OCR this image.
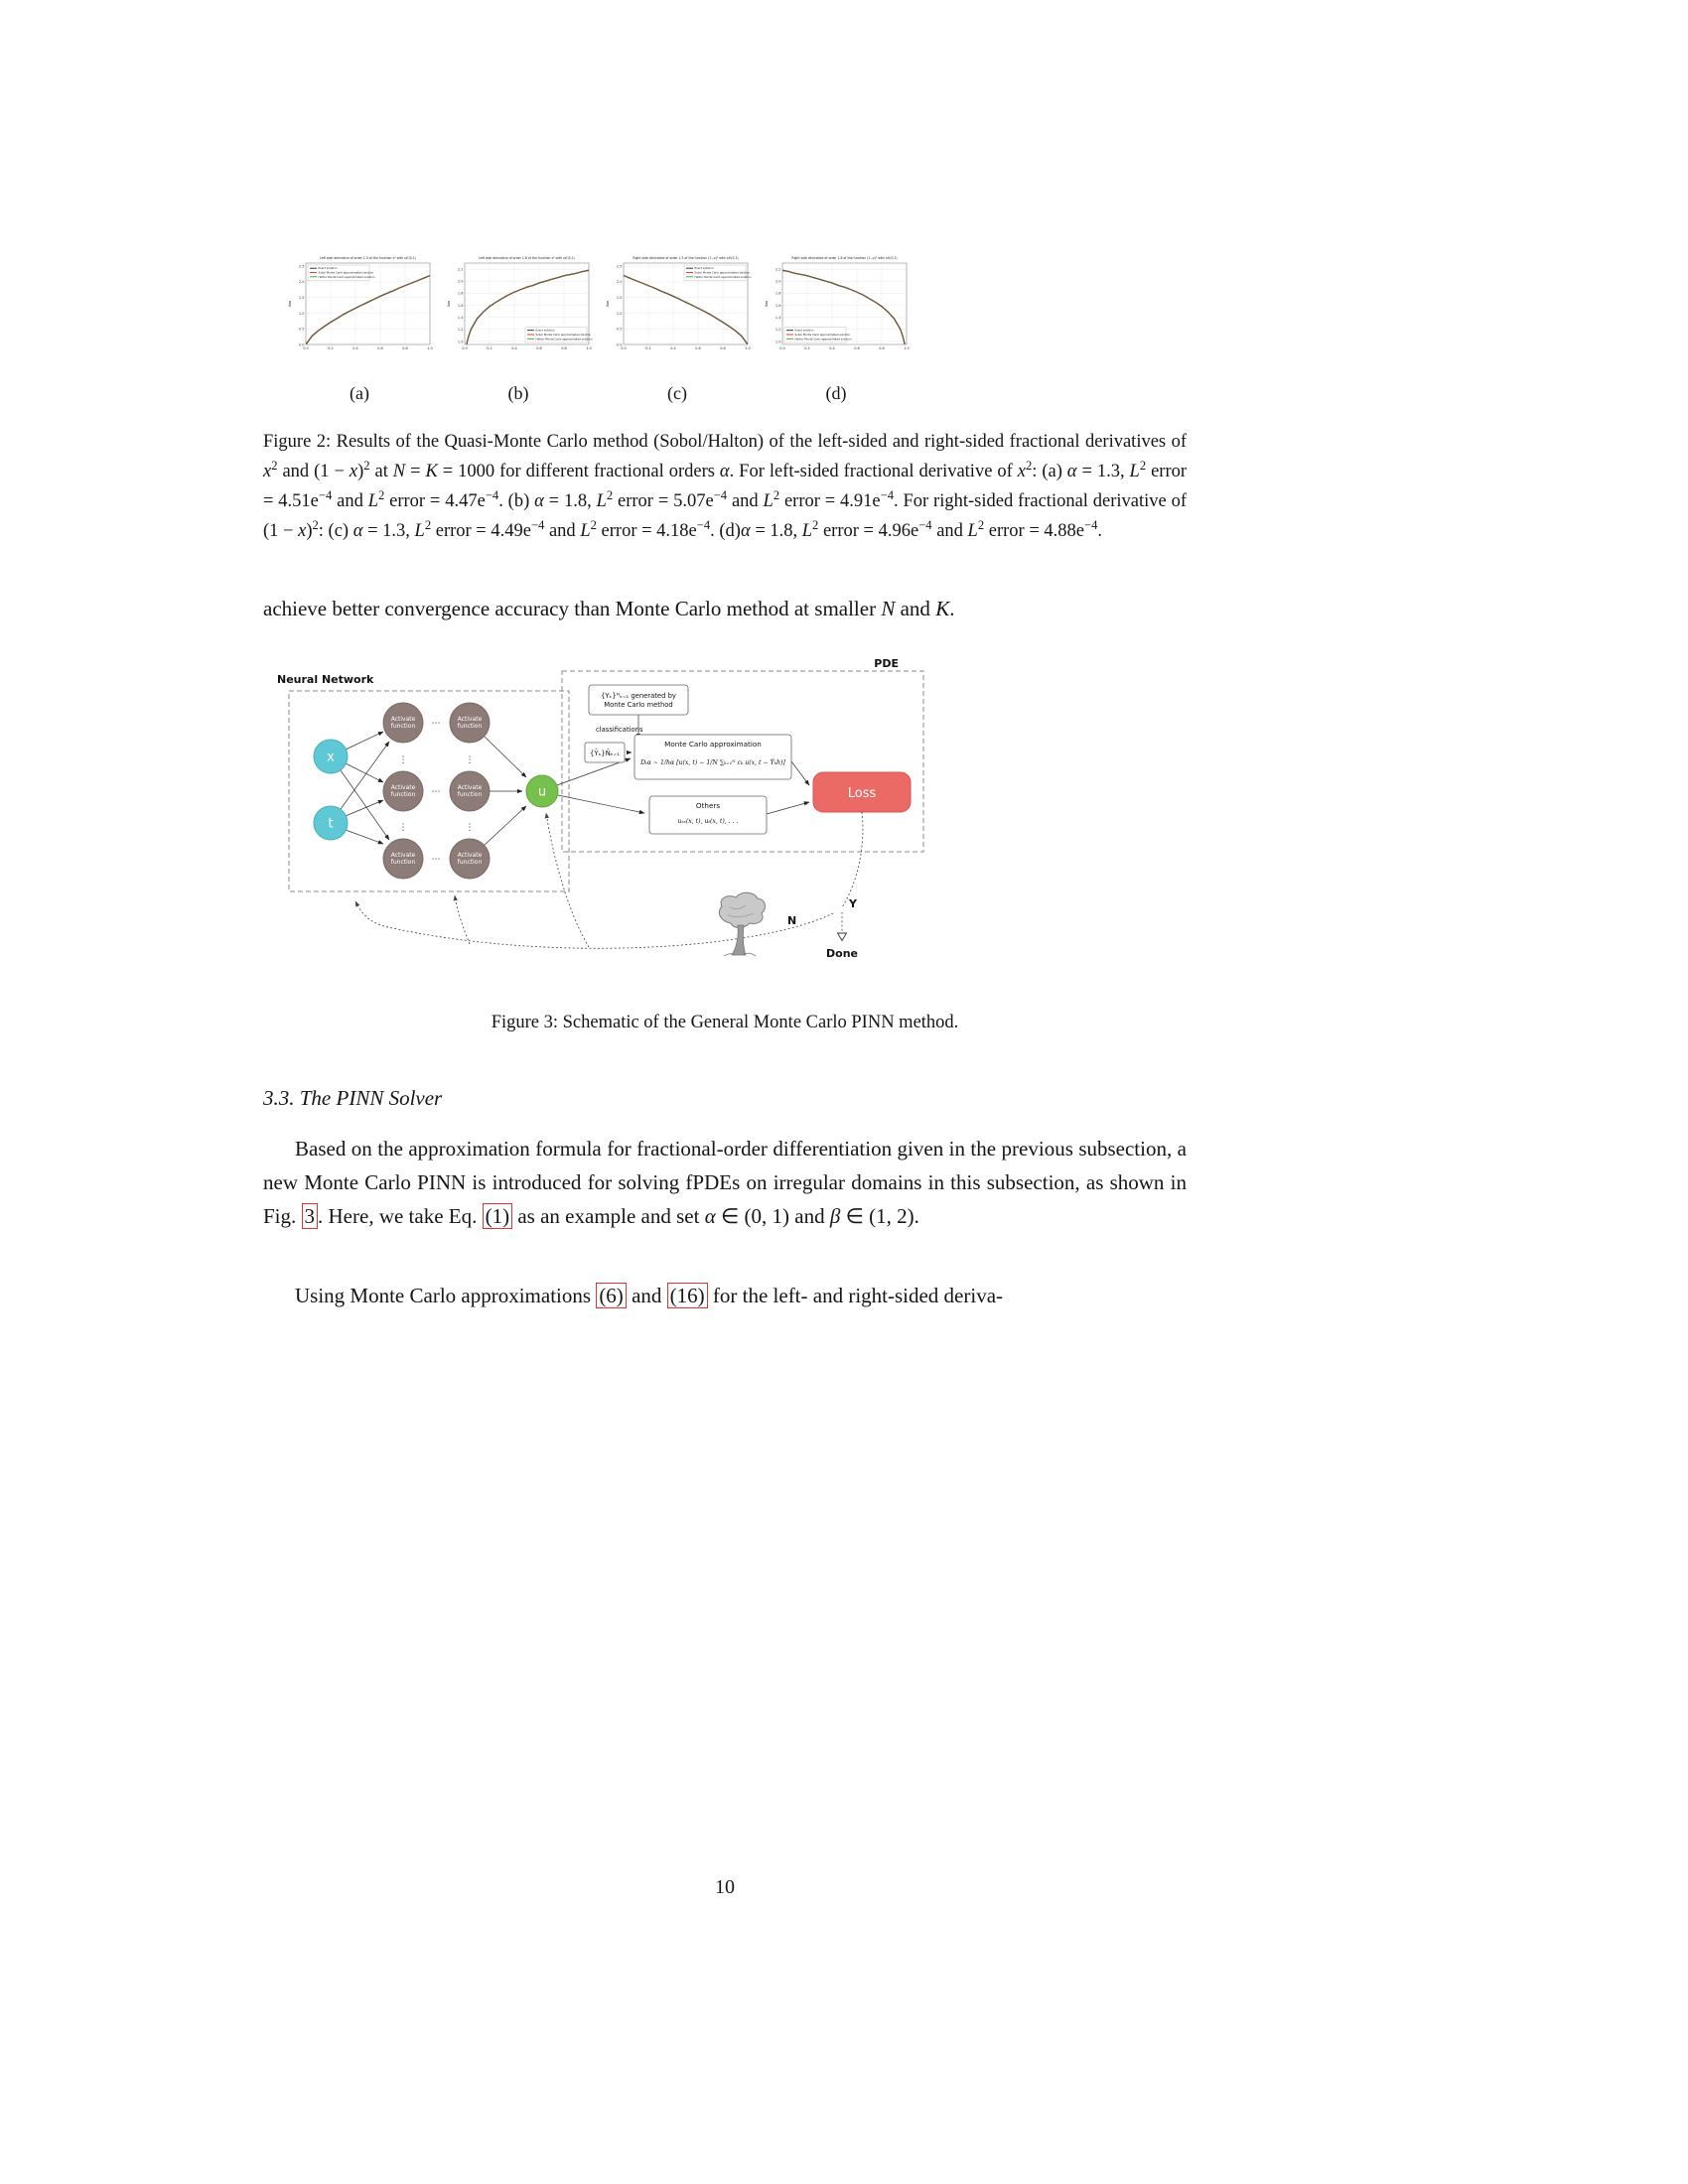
0.0	0.2	0.4	0.6	0.8	1.0
0.0
0.5
1.0
1.5
2.0
2.5
Left side derivative of order 1.3 of the function x² with x∈(0,1)
∂αu
Exact solution
Sobol Monte Carlo approximated solution
Halton Monte Carlo approximated solution
0.0	0.2	0.4	0.6	0.8	1.0
1.0
1.2
1.4
1.6
1.8
2.0
2.2
Left side derivative of order 1.8 of the function x² with x∈(0,1)
∂αu
Exact solution
Sobol Monte Carlo approximated solution
Halton Monte Carlo approximated solution
0.0	0.2	0.4	0.6	0.8	1.0
0.0
0.5
1.0
1.5
2.0
2.5
Right side derivative of order 1.3 of the function (1−x)² with x∈(0,1)
∂αu
Exact solution
Sobol Monte Carlo approximated solution
Halton Monte Carlo approximated solution
0.0	0.2	0.4	0.6	0.8	1.0
1.0
1.2
1.4
1.6
1.8
2.0
2.2
Right side derivative of order 1.8 of the function (1−x)² with x∈(0,1)
∂αu
Exact solution
Sobol Monte Carlo approximated solution
Halton Monte Carlo approximated solution
(a)	(b)	(c)	(d)
Figure 2: Results of the Quasi-Monte Carlo method (Sobol/Halton) of the left-sided and right-sided fractional derivatives of $x^2$ and $(1 - x)^2$ at N = K = 1000 for different fractional orders α. For left-sided fractional derivative of $x^2$: (a) α = 1.3, $L^2$ error = $4.51e^{-4}$ and $L^2$ error = $4.47e^{-4}$. (b) α = 1.8, $L^2$ error = $5.07e^{-4}$ and $L^2$ error = $4.91e^{-4}$. For right-sided fractional derivative of $(1 - x)^2$: (c) α = 1.3, $L^2$ error = $4.49e^{-4}$ and $L^2$ error = $4.18e^{-4}$. (d)α = 1.8, $L^2$ error = $4.96e^{-4}$ and $L^2$ error = $4.88e^{-4}$.
achieve better convergence accuracy than Monte Carlo method at smaller N and K.
Neural Network
PDE
x
t
Activate
function
Activate
function
Activate
function
⋮
⋮
⋯
⋯
⋯
Activate
function
Activate
function
Activate
function
⋮
⋮
u
{Yₖ}ᴺₖ₌₁ generated by
Monte Carlo method
classifications
{Ỹₖ}Ñₖ₌₁
Monte Carlo approximation
Dₜα ∼ 1/hα [u(x, t) − 1/N ∑ₖ₌₁ᴺ cₖ u(x, t − Ỹₖh)]
Others
uₓₓ(x, t), uₜ(x, t), . . .
Loss
Y
N
Done
Figure 3: Schematic of the General Monte Carlo PINN method.
3.3. The PINN Solver
Based on the approximation formula for fractional-order differentiation given in the previous subsection, a new Monte Carlo PINN is introduced for solving fPDEs on irregular domains in this subsection, as shown in Fig. 3 . Here, we take Eq. (1) as an example and set α ∈ (0, 1) and β ∈ (1, 2).
Using Monte Carlo approximations (6) and (16) for the left- and right-sided deriva-
10
